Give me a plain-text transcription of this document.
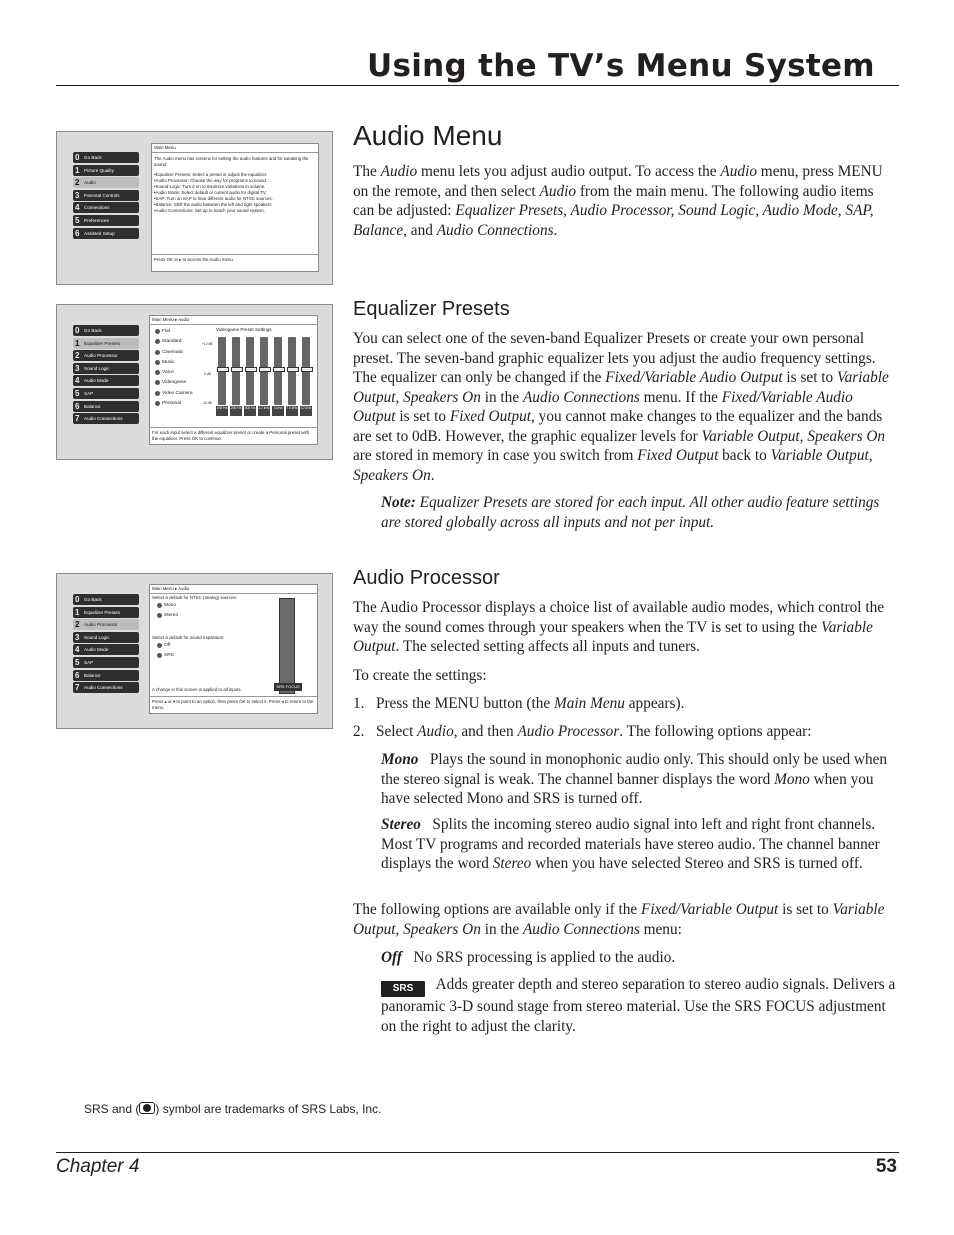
Using the TV’s Menu System
0 Go Back
1 Picture Quality
2 Audio
3 Parental Controls
4 Connections
5 Preferences
6 Assisted Setup
Main Menu
The Audio menu has screens for setting the audio features and for tweaking the sound:
•Equalizer Presets: Select a preset or adjust the equalizer.
•Audio Processor: Choose the way for programs to sound.
•Sound Logic: Turn it on to minimize variations in volume.
•Audio Mode: Select default or current audio for digital TV.
•SAP: Turn on SAP to hear different audio for NTSC sources.
•Balance: Shift the audio between the left and right speakers.
•Audio Connections: Set up to match your sound system.
Press OK or ▸ to access the Audio menu.
Audio Menu
The Audio menu lets you adjust audio output. To access the Audio menu, press MENU on the remote, and then select Audio from the main menu. The following audio items can be adjusted: Equalizer Presets, Audio Processor, Sound Logic, Audio Mode, SAP,  Balance, and Audio Connections.
0 Go Back
1 Equalizer Presets
2 Audio Processor
3 Sound Logic
4 Audio Mode
5 SAP
6 Balance
7 Audio Connections
Main Menu ▸ Audio
Flat
Standard
Cinematic
Music
Voice
Videogame
Video Camera
Personal
Videogame Preset Settings
+12 dB
0 dB
-12 dB
100 Hz 200 Hz 500 Hz 1.2 kHz	3 kHz	7.5 kHz 12 kHz
For each input select a different equalizer preset or create a Personal preset with the equalizer. Press OK to continue.
Equalizer Presets
You can select one of the seven-band Equalizer Presets or create your own personal preset. The seven-band graphic equalizer lets you adjust the audio frequency settings. The equalizer can only be changed if the Fixed/Variable Audio Output is set to Variable Output, Speakers On in the Audio Connections menu. If the Fixed/Variable Audio Output is set to Fixed Output, you cannot make changes to the equalizer and the bands are set to 0dB. However, the graphic equalizer levels for Variable Output, Speakers On are stored in memory in case you switch from Fixed Output back to Variable Output, Speakers On.
Note: Equalizer Presets are stored for each input. All other audio feature settings are stored globally across all inputs and not per input.
0 Go Back
1 Equalizer Presets
2 Audio Processor
3 Sound Logic
4 Audio Mode
5 SAP
6 Balance
7 Audio Connections
Main Menu ▸ Audio
Select a default for NTSC (analog) sources:
Mono
Stereo
Select a default for sound expansion:
Off
SRS
SRS FOCUS
A change in this screen is applied to all inputs.
Press ▴ or ▾ to point to an option, then press OK to select it. Press ◂ to return to the menu.
Audio Processor
The Audio Processor displays a choice list of available audio modes, which control the way the sound comes through your speakers when the TV is set to using the Variable Output. The selected setting affects all inputs and tuners.
To create the settings:
1.   Press the MENU button (the Main Menu appears).
2.   Select Audio, and then Audio Processor. The following options appear:
Mono   Plays the sound in monophonic audio only. This should only be used when the stereo signal is weak. The channel banner displays the word Mono when you have selected Mono and SRS is turned off.
Stereo   Splits the incoming stereo audio signal into left and right front channels. Most TV programs and recorded materials have stereo audio. The channel banner displays the word Stereo when you have selected Stereo and SRS is turned off.
The following options are available only if the Fixed/Variable Output is set to Variable Output, Speakers On in the Audio Connections menu:
Off No SRS processing is applied to the audio.
SRS   Adds greater depth and stereo separation to stereo audio signals. Delivers a panoramic 3-D sound stage from stereo material. Use the SRS FOCUS adjustment on the right to adjust the clarity.
SRS and ( ) symbol are trademarks of SRS Labs, Inc.
Chapter 4	53
